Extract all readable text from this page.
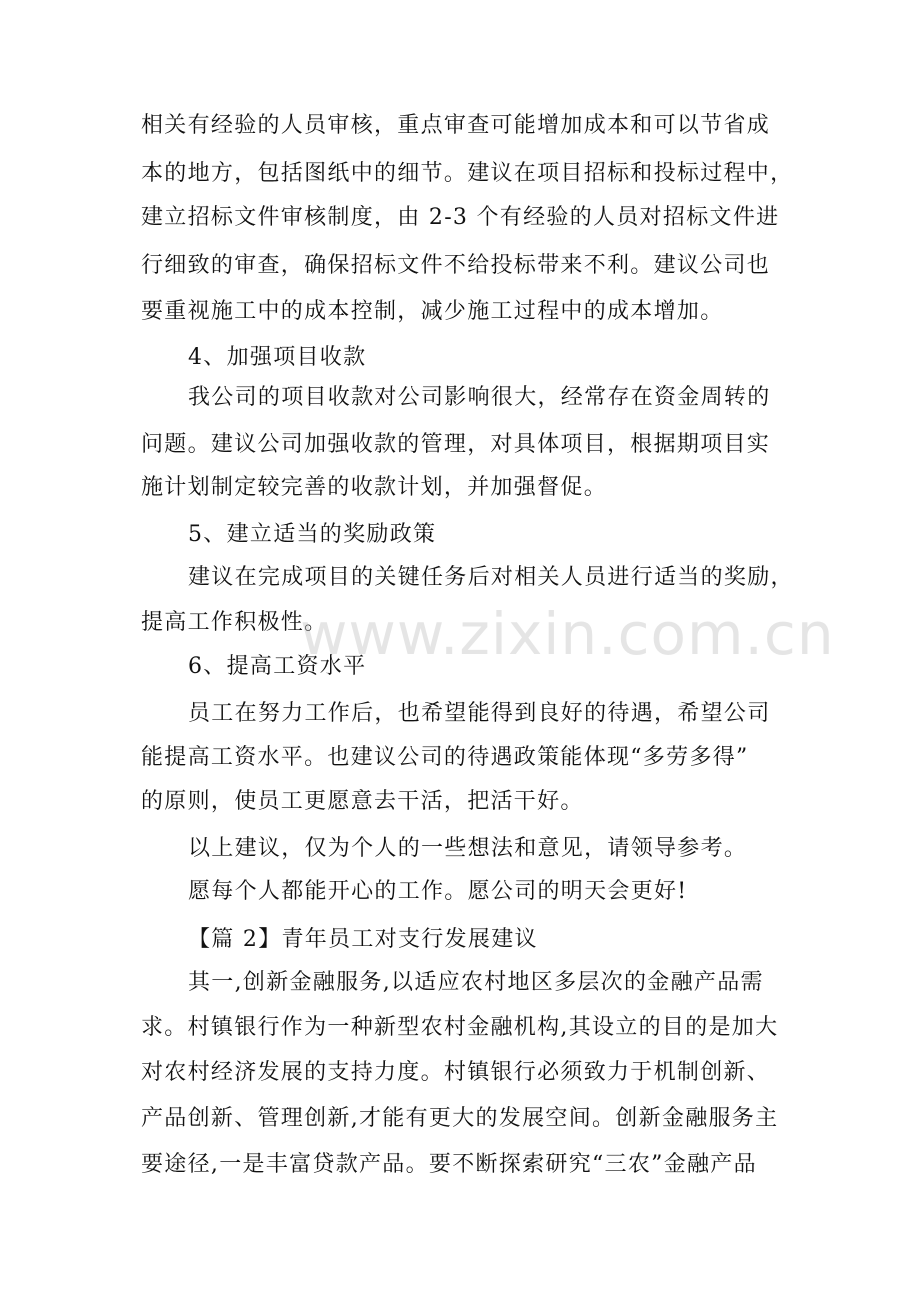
相关有经验的人员审核，重点审查可能增加成本和可以节省成
本的地方，包括图纸中的细节。建议在项目招标和投标过程中，
建立招标文件审核制度，由 2-3 个有经验的人员对招标文件进
行细致的审查，确保招标文件不给投标带来不利。建议公司也
要重视施工中的成本控制，减少施工过程中的成本增加。
4、加强项目收款
我公司的项目收款对公司影响很大，经常存在资金周转的
问题。建议公司加强收款的管理，对具体项目，根据期项目实
施计划制定较完善的收款计划，并加强督促。
5、建立适当的奖励政策
建议在完成项目的关键任务后对相关人员进行适当的奖励，
提高工作积极性。
6、提高工资水平
员工在努力工作后，也希望能得到良好的待遇，希望公司
能提高工资水平。也建议公司的待遇政策能体现“多劳多得”
的原则，使员工更愿意去干活，把活干好。
以上建议，仅为个人的一些想法和意见，请领导参考。
愿每个人都能开心的工作。愿公司的明天会更好!
【篇 2】青年员工对支行发展建议
其一,创新金融服务,以适应农村地区多层次的金融产品需
求。村镇银行作为一种新型农村金融机构,其设立的目的是加大
对农村经济发展的支持力度。村镇银行必须致力于机制创新、
产品创新、管理创新,才能有更大的发展空间。创新金融服务主
要途径,一是丰富贷款产品。要不断探索研究“三农”金融产品
www.zixin.com.cn
